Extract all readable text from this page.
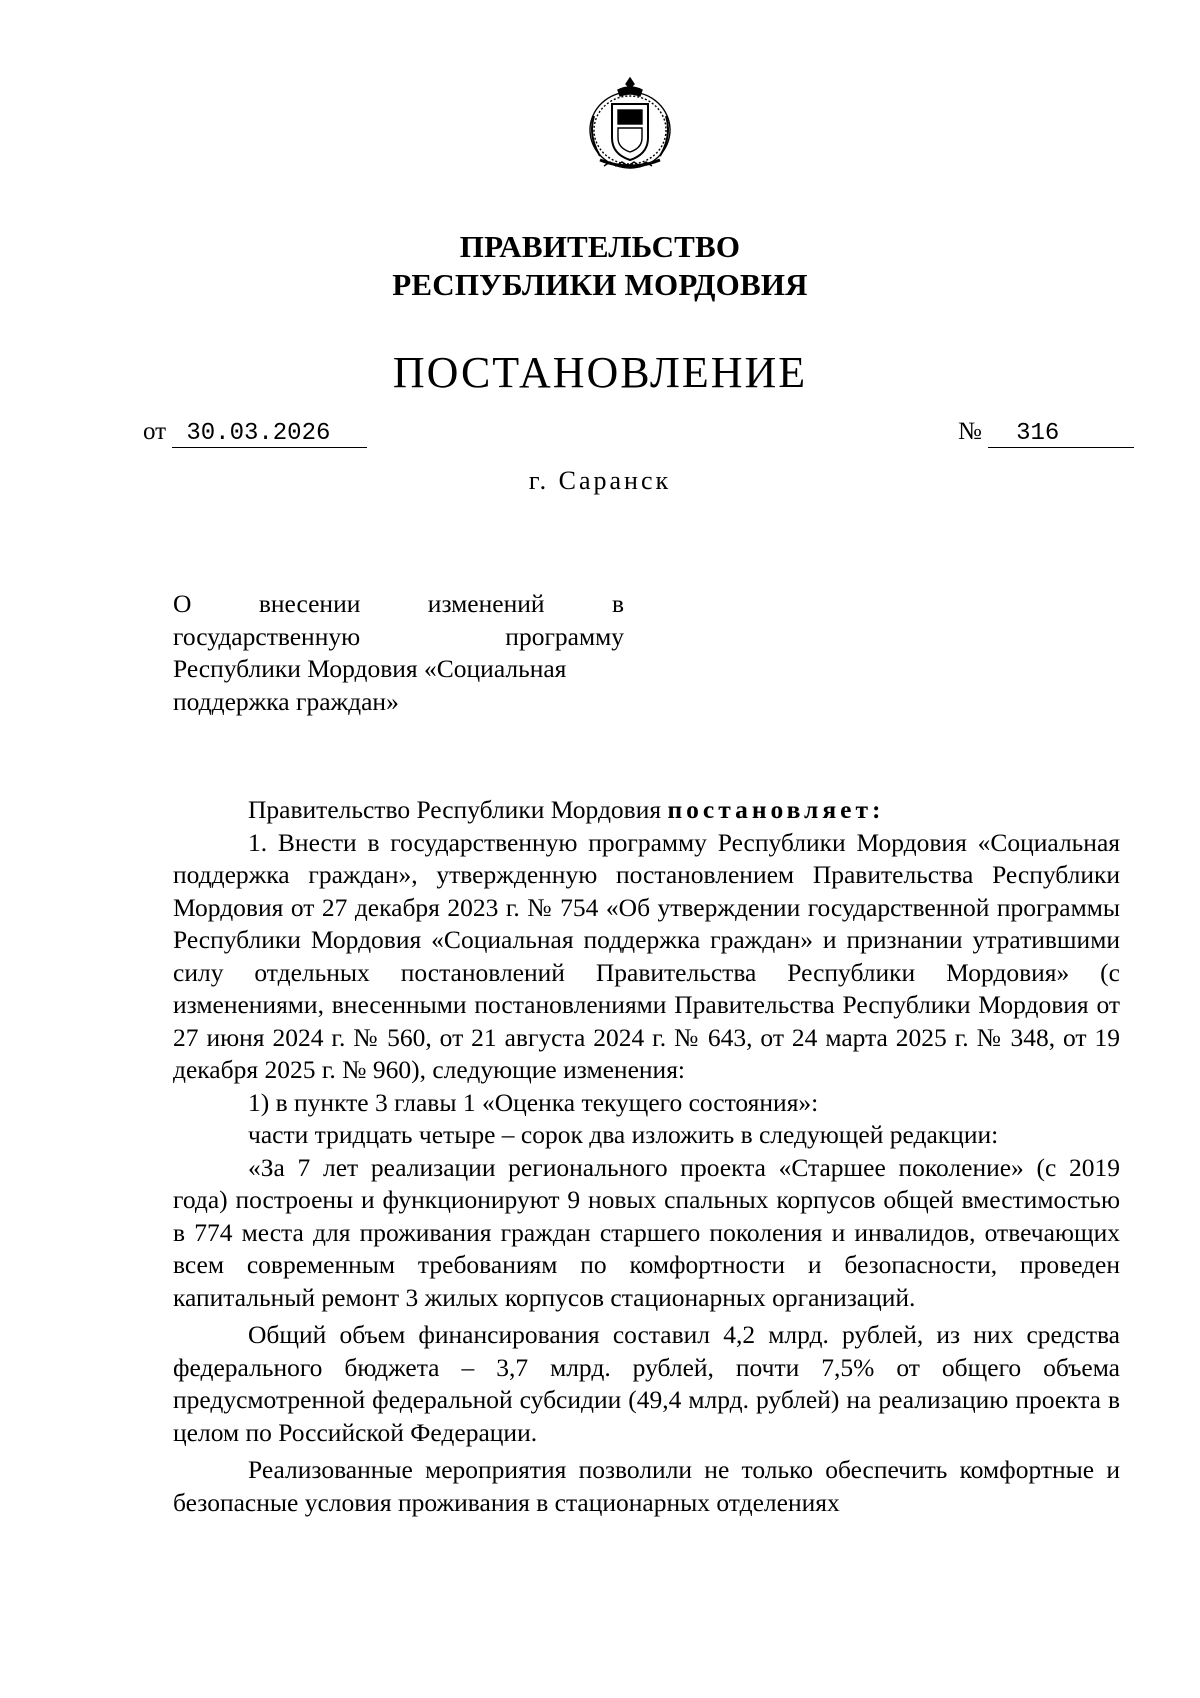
ПРАВИТЕЛЬСТВО
РЕСПУБЛИКИ МОРДОВИЯ
ПОСТАНОВЛЕНИЕ
от 30.03.2026	№ 316
г. Саранск
О внесении изменений в
государственную программу
Республики Мордовия «Социальная
поддержка граждан»

Правительство Республики Мордовия постановляет:

1. Внести в государственную программу Республики Мордовия «Социальная поддержка граждан», утвержденную постановлением Правительства Республики Мордовия от 27 декабря 2023 г. № 754 «Об утверждении государственной программы Республики Мордовия «Социальная поддержка граждан» и признании утратившими силу отдельных постановлений Правительства Республики Мордовия» (с изменениями, внесенными постановлениями Правительства Республики Мордовия от 27 июня 2024 г. № 560, от 21 августа 2024 г. № 643, от 24 марта 2025 г. № 348, от 19 декабря 2025 г. № 960), следующие изменения:

1) в пункте 3 главы 1 «Оценка текущего состояния»:

части тридцать четыре – сорок два изложить в следующей редакции:

«За 7 лет реализации регионального проекта «Старшее поколение» (с 2019 года) построены и функционируют 9 новых спальных корпусов общей вместимостью в 774 места для проживания граждан старшего поколения и инвалидов, отвечающих всем современным требованиям по комфортности и безопасности, проведен капитальный ремонт 3 жилых корпусов стационарных организаций.

Общий объем финансирования составил 4,2 млрд. рублей, из них средства федерального бюджета – 3,7 млрд. рублей, почти 7,5% от общего объема предусмотренной федеральной субсидии (49,4 млрд. рублей) на реализацию проекта в целом по Российской Федерации.

Реализованные мероприятия позволили не только обеспечить комфортные и безопасные условия проживания в стационарных отделениях
